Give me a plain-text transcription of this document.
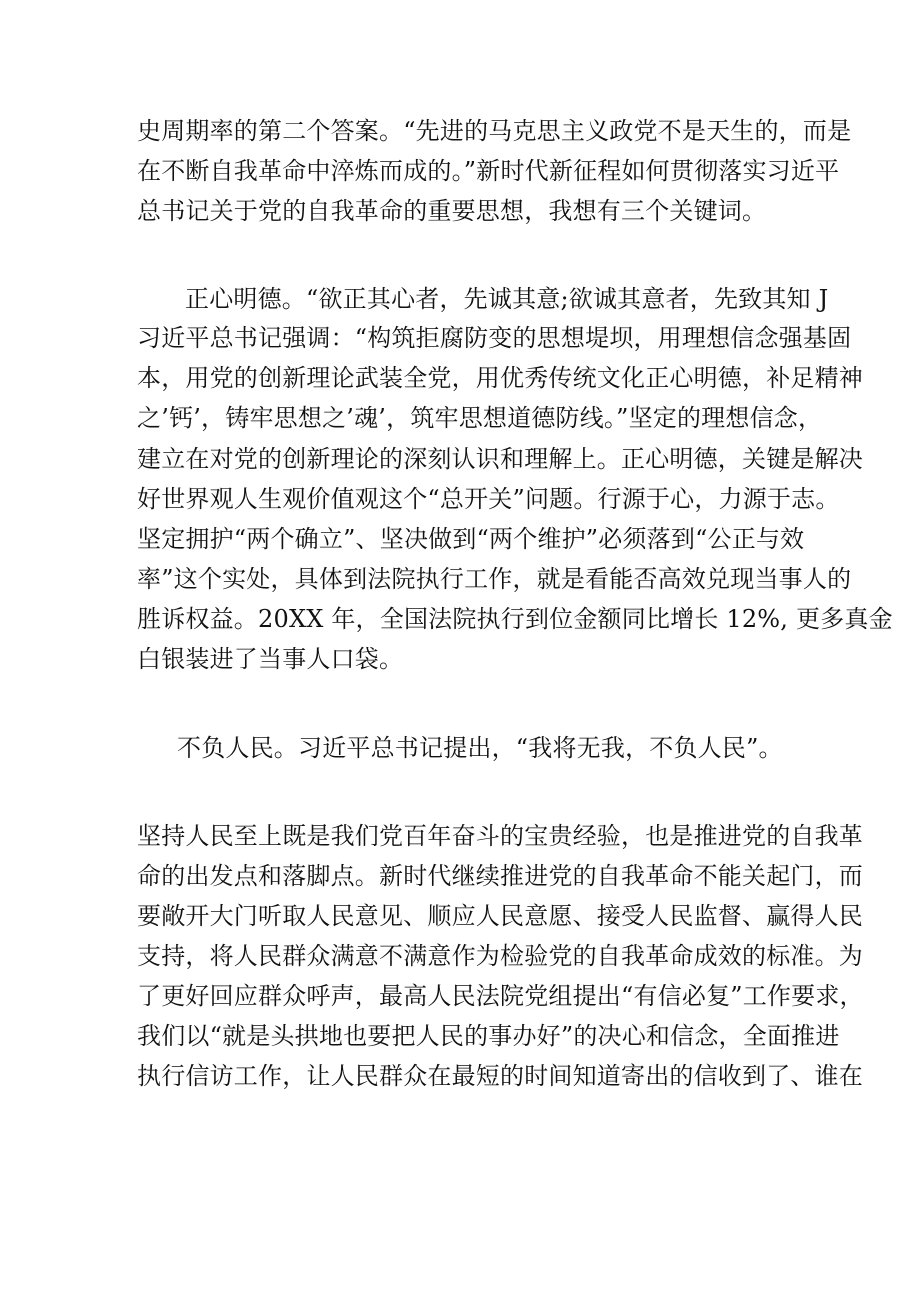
史周期率的第二个答案。“先进的马克思主义政党不是天生的，而是
在不断自我革命中淬炼而成的。”新时代新征程如何贯彻落实习近平
总书记关于党的自我革命的重要思想，我想有三个关键词。
正心明德。“欲正其心者，先诚其意;欲诚其意者，先致其知 J
习近平总书记强调：“构筑拒腐防变的思想堤坝，用理想信念强基固
本，用党的创新理论武装全党，用优秀传统文化正心明德，补足精神
之’钙’，铸牢思想之’魂’，筑牢思想道德防线。”坚定的理想信念，
建立在对党的创新理论的深刻认识和理解上。正心明德，关键是解决
好世界观人生观价值观这个“总开关”问题。行源于心，力源于志。
坚定拥护“两个确立”、坚决做到“两个维护”必须落到“公正与效
率”这个实处，具体到法院执行工作，就是看能否高效兑现当事人的
胜诉权益。20XX 年，全国法院执行到位金额同比增长 12%, 更多真金
白银装进了当事人口袋。
不负人民。习近平总书记提出，“我将无我，不负人民”。
坚持人民至上既是我们党百年奋斗的宝贵经验，也是推进党的自我革
命的出发点和落脚点。新时代继续推进党的自我革命不能关起门，而
要敞开大门听取人民意见、顺应人民意愿、接受人民监督、赢得人民
支持，将人民群众满意不满意作为检验党的自我革命成效的标准。为
了更好回应群众呼声，最高人民法院党组提出“有信必复”工作要求，
我们以“就是头拱地也要把人民的事办好”的决心和信念，全面推进
执行信访工作，让人民群众在最短的时间知道寄出的信收到了、谁在
